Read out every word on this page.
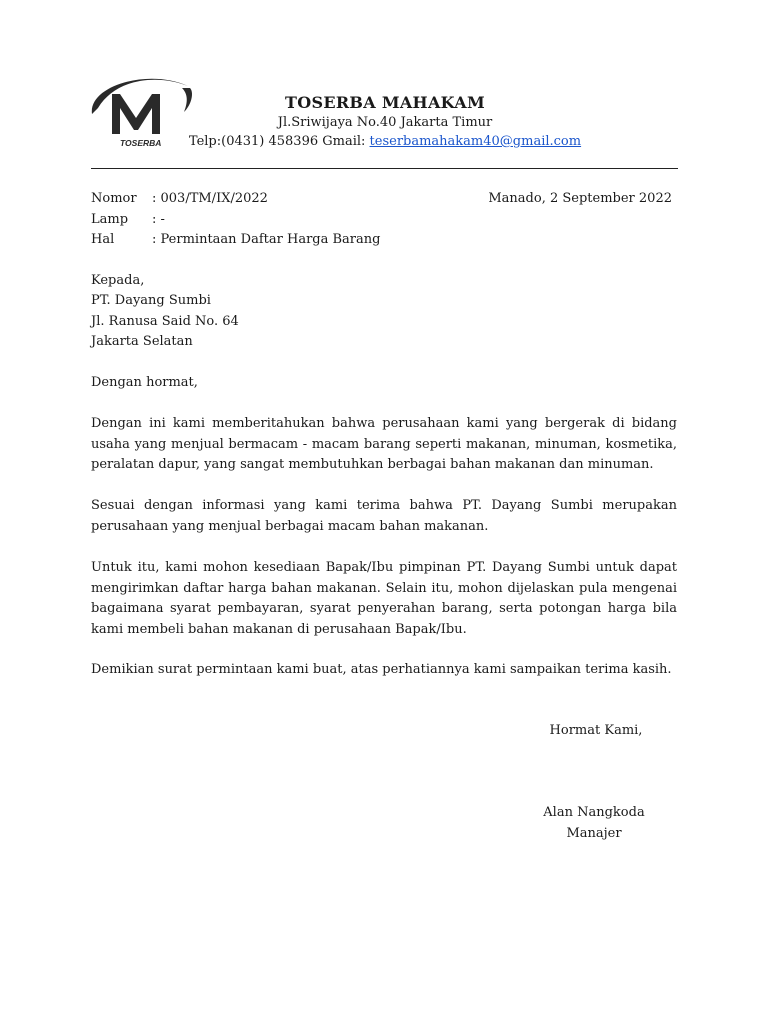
TOSERBA
TOSERBA MAHAKAM
Jl.Sriwijaya No.40 Jakarta Timur
Telp:(0431) 458396 Gmail: teserbamahakam40@gmail.com
Nomor : 003/TM/IX/2022
Lamp : -
Hal	: Permintaan Daftar Harga Barang
Manado, 2 September 2022
Kepada,
PT. Dayang Sumbi
Jl. Ranusa Said No. 64
Jakarta Selatan
Dengan hormat,

Dengan ini kami memberitahukan bahwa perusahaan kami yang bergerak di bidang usaha yang menjual bermacam - macam barang seperti makanan, minuman, kosmetika, peralatan dapur, yang sangat membutuhkan berbagai bahan makanan dan minuman.

Sesuai dengan informasi yang kami terima bahwa PT. Dayang Sumbi merupakan perusahaan yang menjual berbagai macam bahan makanan.

Untuk itu, kami mohon kesediaan Bapak/Ibu pimpinan PT. Dayang Sumbi untuk dapat mengirimkan daftar harga bahan makanan. Selain itu, mohon dijelaskan pula mengenai bagaimana syarat pembayaran, syarat penyerahan barang, serta potongan harga bila kami membeli bahan makanan di perusahaan Bapak/Ibu.

Demikian surat permintaan kami buat, atas perhatiannya kami sampaikan terima kasih.

Hormat Kami,
Alan Nangkoda
Manajer
